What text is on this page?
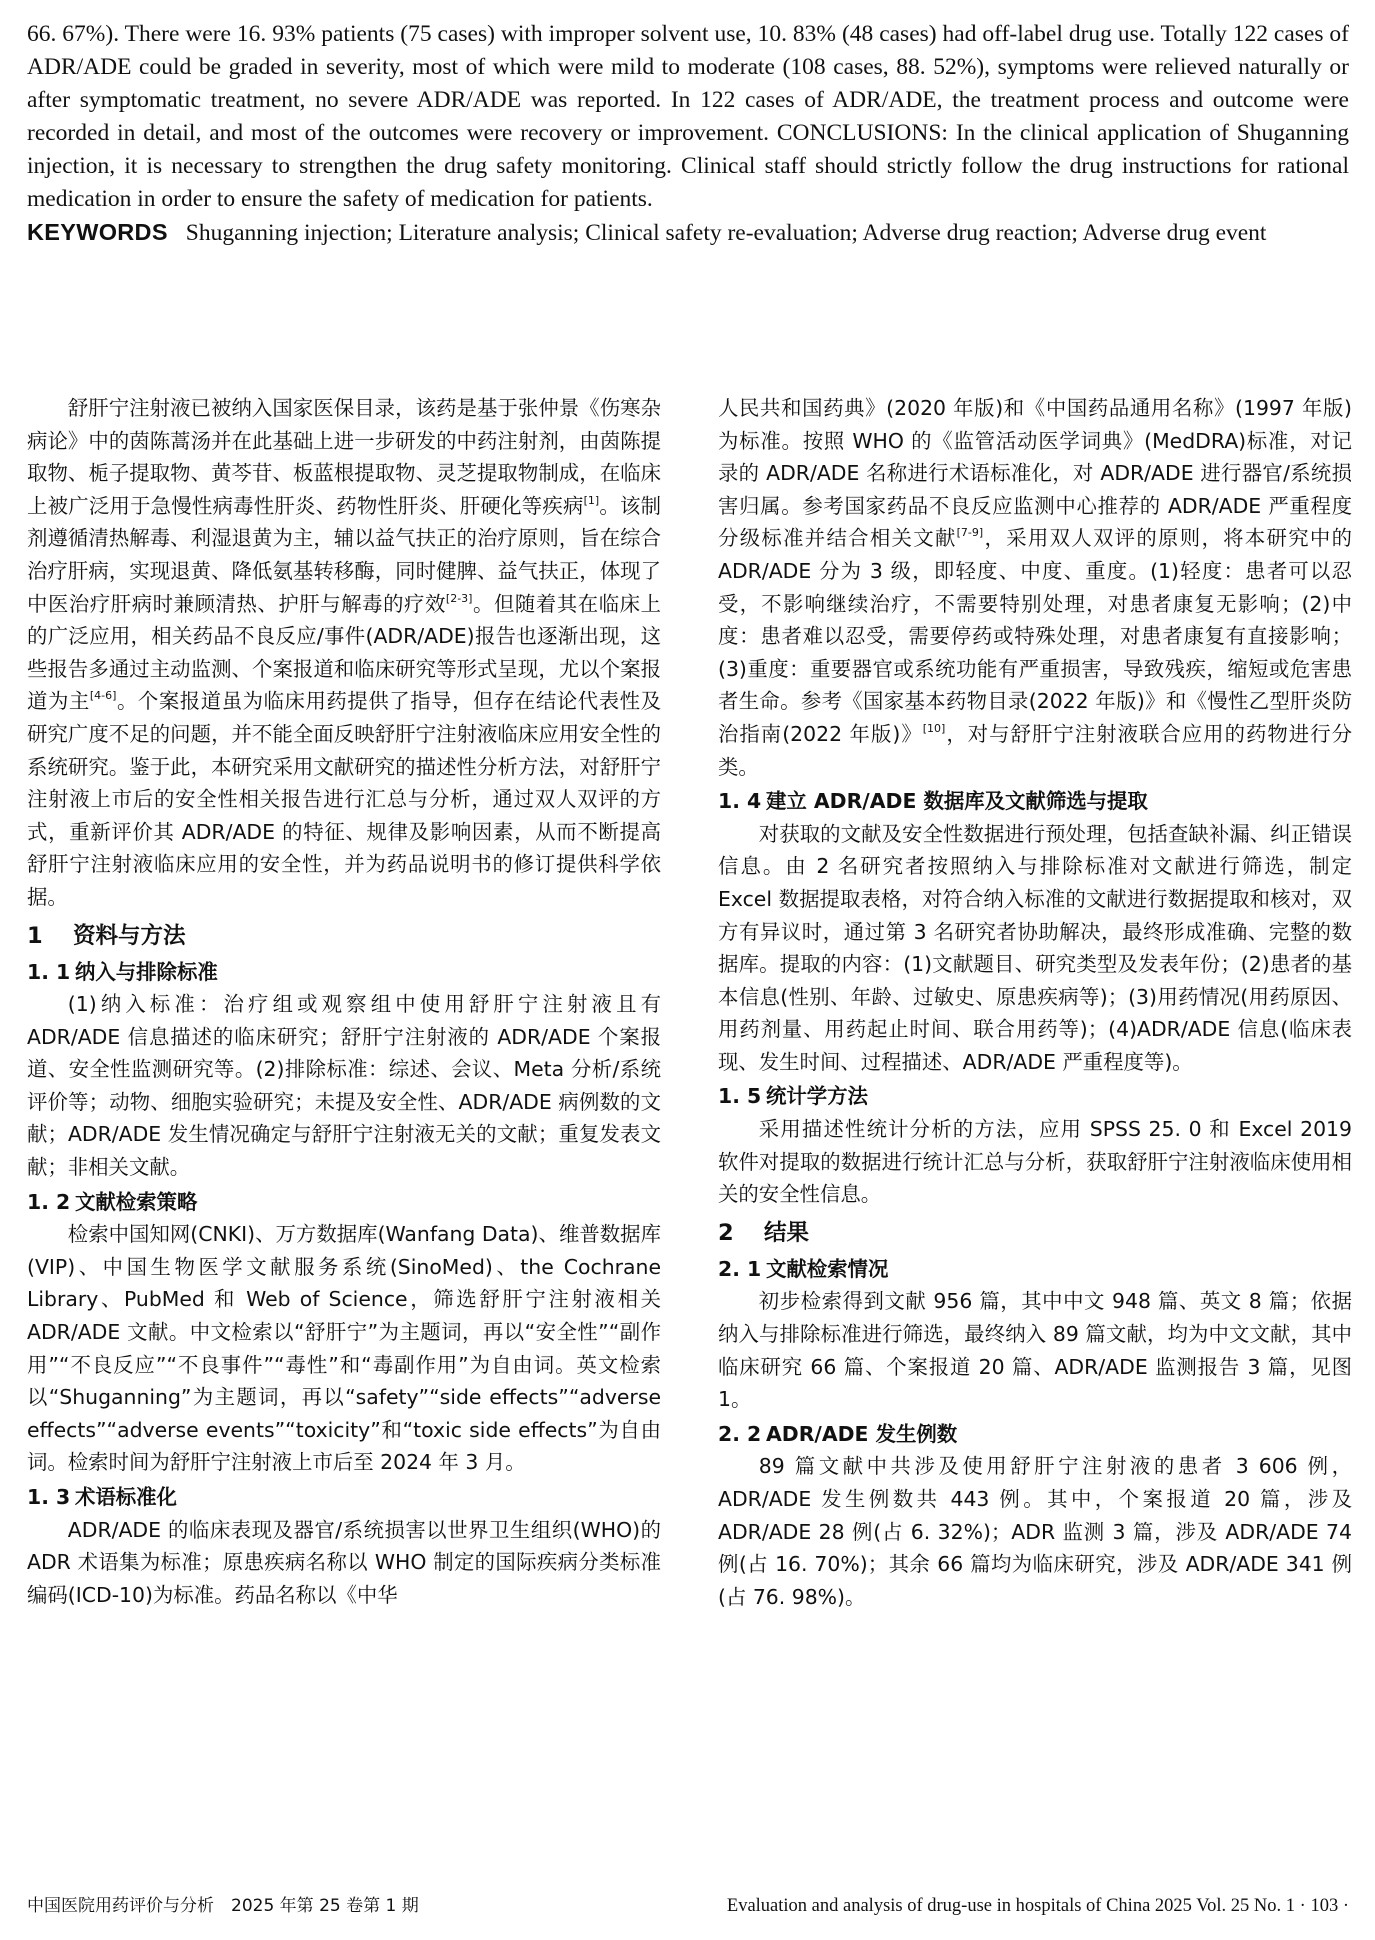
66. 67%). There were 16. 93% patients (75 cases) with improper solvent use, 10. 83% (48 cases) had off-label drug use. Totally 122 cases of ADR/ADE could be graded in severity, most of which were mild to moderate (108 cases, 88. 52%), symptoms were relieved naturally or after symptomatic treatment, no severe ADR/ADE was reported. In 122 cases of ADR/ADE, the treatment process and outcome were recorded in detail, and most of the outcomes were recovery or improvement. CONCLUSIONS: In the clinical application of Shuganning injection, it is necessary to strengthen the drug safety monitoring. Clinical staff should strictly follow the drug instructions for rational medication in order to ensure the safety of medication for patients.

KEYWORDS Shuganning injection; Literature analysis; Clinical safety re-evaluation; Adverse drug reaction; Adverse drug event

舒肝宁注射液已被纳入国家医保目录，该药是基于张仲景《伤寒杂病论》中的茵陈蒿汤并在此基础上进一步研发的中药注射剂，由茵陈提取物、栀子提取物、黄芩苷、板蓝根提取物、灵芝提取物制成，在临床上被广泛用于急慢性病毒性肝炎、药物性肝炎、肝硬化等疾病[1]。该制剂遵循清热解毒、利湿退黄为主，辅以益气扶正的治疗原则，旨在综合治疗肝病，实现退黄、降低氨基转移酶，同时健脾、益气扶正，体现了中医治疗肝病时兼顾清热、护肝与解毒的疗效[2-3]。但随着其在临床上的广泛应用，相关药品不良反应/事件(ADR/ADE)报告也逐渐出现，这些报告多通过主动监测、个案报道和临床研究等形式呈现，尤以个案报道为主[4-6]。个案报道虽为临床用药提供了指导，但存在结论代表性及研究广度不足的问题，并不能全面反映舒肝宁注射液临床应用安全性的系统研究。鉴于此，本研究采用文献研究的描述性分析方法，对舒肝宁注射液上市后的安全性相关报告进行汇总与分析，通过双人双评的方式，重新评价其 ADR/ADE 的特征、规律及影响因素，从而不断提高舒肝宁注射液临床应用的安全性，并为药品说明书的修订提供科学依据。

1 资料与方法
1. 1 纳入与排除标准

(1)纳入标准：治疗组或观察组中使用舒肝宁注射液且有 ADR/ADE 信息描述的临床研究；舒肝宁注射液的 ADR/ADE 个案报道、安全性监测研究等。(2)排除标准：综述、会议、Meta 分析/系统评价等；动物、细胞实验研究；未提及安全性、ADR/ADE 病例数的文献；ADR/ADE 发生情况确定与舒肝宁注射液无关的文献；重复发表文献；非相关文献。

1. 2 文献检索策略

检索中国知网(CNKI)、万方数据库(Wanfang Data)、维普数据库(VIP)、中国生物医学文献服务系统(SinoMed)、the Cochrane Library、PubMed 和 Web of Science，筛选舒肝宁注射液相关 ADR/ADE 文献。中文检索以“舒肝宁”为主题词，再以“安全性”“副作用”“不良反应”“不良事件”“毒性”和“毒副作用”为自由词。英文检索以“Shuganning”为主题词，再以“safety”“side effects”“adverse effects”“adverse events”“toxicity”和“toxic side effects”为自由词。检索时间为舒肝宁注射液上市后至 2024 年 3 月。

1. 3 术语标准化

ADR/ADE 的临床表现及器官/系统损害以世界卫生组织(WHO)的 ADR 术语集为标准；原患疾病名称以 WHO 制定的国际疾病分类标准编码(ICD-10)为标准。药品名称以《中华

人民共和国药典》(2020 年版)和《中国药品通用名称》(1997 年版)为标准。按照 WHO 的《监管活动医学词典》(MedDRA)标准，对记录的 ADR/ADE 名称进行术语标准化，对 ADR/ADE 进行器官/系统损害归属。参考国家药品不良反应监测中心推荐的 ADR/ADE 严重程度分级标准并结合相关文献[7-9]，采用双人双评的原则，将本研究中的 ADR/ADE 分为 3 级，即轻度、中度、重度。(1)轻度：患者可以忍受，不影响继续治疗，不需要特别处理，对患者康复无影响；(2)中度：患者难以忍受，需要停药或特殊处理，对患者康复有直接影响；(3)重度：重要器官或系统功能有严重损害，导致残疾，缩短或危害患者生命。参考《国家基本药物目录(2022 年版)》和《慢性乙型肝炎防治指南(2022 年版)》[10]，对与舒肝宁注射液联合应用的药物进行分类。

1. 4 建立 ADR/ADE 数据库及文献筛选与提取

对获取的文献及安全性数据进行预处理，包括查缺补漏、纠正错误信息。由 2 名研究者按照纳入与排除标准对文献进行筛选，制定 Excel 数据提取表格，对符合纳入标准的文献进行数据提取和核对，双方有异议时，通过第 3 名研究者协助解决，最终形成准确、完整的数据库。提取的内容：(1)文献题目、研究类型及发表年份；(2)患者的基本信息(性别、年龄、过敏史、原患疾病等)；(3)用药情况(用药原因、用药剂量、用药起止时间、联合用药等)；(4)ADR/ADE 信息(临床表现、发生时间、过程描述、ADR/ADE 严重程度等)。

1. 5 统计学方法

采用描述性统计分析的方法，应用 SPSS 25. 0 和 Excel 2019 软件对提取的数据进行统计汇总与分析，获取舒肝宁注射液临床使用相关的安全性信息。

2 结果
2. 1 文献检索情况

初步检索得到文献 956 篇，其中中文 948 篇、英文 8 篇；依据纳入与排除标准进行筛选，最终纳入 89 篇文献，均为中文文献，其中临床研究 66 篇、个案报道 20 篇、ADR/ADE 监测报告 3 篇，见图 1。

2. 2 ADR/ADE 发生例数

89 篇文献中共涉及使用舒肝宁注射液的患者 3 606 例，ADR/ADE 发生例数共 443 例。其中，个案报道 20 篇，涉及 ADR/ADE 28 例(占 6. 32%)；ADR 监测 3 篇，涉及 ADR/ADE 74 例(占 16. 70%)；其余 66 篇均为临床研究，涉及 ADR/ADE 341 例(占 76. 98%)。

中国医院用药评价与分析　2025 年第 25 卷第 1 期	Evaluation and analysis of drug-use in hospitals of China 2025 Vol. 25 No. 1 · 103 ·
